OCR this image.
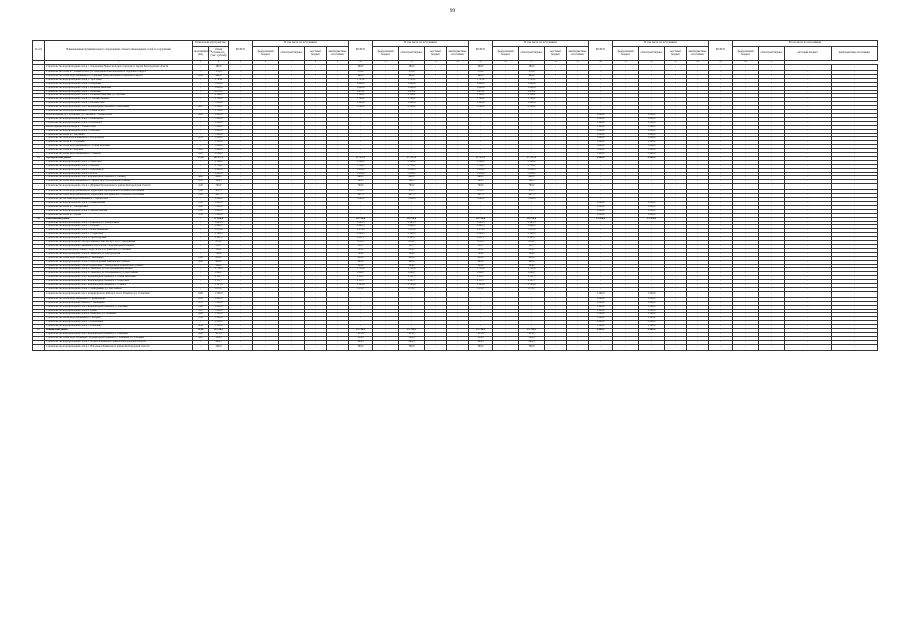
99
№ п/п	Наименование муниципального образования, объекта инженерных сетей и сооружений	Показатели обустройства		ВСЕГО	В том числе по источникам				ВСЕГО	В том числе по источникам				ВСЕГО	В том числе по источникам				ВСЕГО	В том числе по источникам				ВСЕГО	В том числе по источникам			
		протяжённость (км)	общая стоимость (тыс. рублей)		федеральный бюджет	областной бюджет	местный бюджет	внебюджетные источники		федеральный бюджет	областной бюджет	местный бюджет	внебюджетные источники		федеральный бюджет	областной бюджет	местный бюджет	внебюджетные источники		федеральный бюджет	областной бюджет	местный бюджет	внебюджетные источники		федеральный бюджет	областной бюджет	местный бюджет	внебюджетные источники
1	2	3	4	5	6	7	8	9	10	11	12	13	14	15	16	17	18	19	20	21	22	23	24	25	26	27		
-	Строительство водопроводной сети в с. Ольховатка Новооскольского городского округа Белгородской области	-	460,0	-	-	-	-	-	460,0	-	460,0	-	-	460,0	-	460,0	-	-	-	-	-	-	-	-	-	-	-	-
-	Строительство сетей в с. Новый Оскол, ул. Объездная Новооскольского городского округа	-	370,0	-	-	-	-	-	370,0	-	370,0	-	-	370,0	-	370,0	-	-	-	-	-	-	-	-	-	-	-	-
-	Строительство сетей водоснабжения в с. Слоновка Новооскольского городского округа	2,00	482,0	-	-	-	-	-	482,0	-	482,0	-	-	482,0	-	482,0	-	-	-	-	-	-	-	-	-	-	-	-
-	Строительство водопроводной сети в с. Тростенец	-	1 705,2	-	-	-	-	-	1 705,2	-	1 705,2	-	-	1 705,2	-	1 705,2	-	-	-	-	-	-	-	-	-	-	-	-
-	Строительство водопроводной сети в с. Шараевка	-	1 629,4	-	-	-	-	-	1 629,4	-	1 629,4	-	-	1 629,4	-	1 629,4	-	-	-	-	-	-	-	-	-	-	-	-
-	Строительство водопроводной сети в с. Большая Ивановка	-	1 629,4	-	-	-	-	-	1 629,4	-	1 629,4	-	-	1 629,4	-	1 629,4	-	-	-	-	-	-	-	-	-	-	-	-
-	Строительство водопроводной сети в с. Леоновка	-	2 470,2	-	-	-	-	-	2 470,2	-	2 470,2	-	-	2 470,2	-	2 470,2	-	-	-	-	-	-	-	-	-	-	-	-
-	Строительство водопроводной сети в с. Большая Ивановка, ул. Луговая	-	2 120,2	-	-	-	-	-	2 120,2	-	2 120,2	-	-	2 120,2	-	2 120,2	-	-	-	-	-	-	-	-	-	-	-	-
-	Строительство водопроводной сети в с. Солонец-Поляна	-	1 700,2	-	-	-	-	-	1 700,2	-	1 700,2	-	-	1 700,2	-	1 700,2	-	-	-	-	-	-	-	-	-	-	-	-
-	Строительство водопроводной сети в с. Беломестное	-	1 629,4	-	-	-	-	-	1 629,4	-	1 629,4	-	-	1 629,4	-	1 629,4	-	-	-	-	-	-	-	-	-	-	-	-
-	Строительство водопроводной сети с водонапорной башней в с. Киселёвка	2,15	2 500,0	-	-	-	-	-	2 500,0	-	2 500,0	-	-	2 500,0	-	2 500,0	-	-	-	-	-	-	-	-	-	-	-	-
-	Строительство сети водоснабжения в с. Новая Оскол	-	1 700,0	-	-	-	-	-	-	-	-	-	-	-	-	-	-	-	-	-	-	-	-	-	-	-	-	-
-	Водоснабжение хут. Ютановка, ул. Лесная в с. Новая Оскол	2,00	1 000,0	-	-	-	-	-	-	-	-	-	-	-	-	-	-	-	1 000,0	-	1 000,0	-	-	-	-	-	-	-
-	Строительство водопроводной сети в с. Макешкино	-	1 000,0	-	-	-	-	-	-	-	-	-	-	-	-	-	-	-	1 000,0	-	1 000,0	-	-	-	-	-	-	-
-	Строительство водопроводной сети в с. Васильдол	-	1 200,0	-	-	-	-	-	-	-	-	-	-	-	-	-	-	-	1 200,0	-	1 200,0	-	-	-	-	-	-	-
-	Реконструкция водопровода в с. Новая Оскол	-	1 200,0	-	-	-	-	-	-	-	-	-	-	-	-	-	-	-	1 200,0	-	1 200,0	-	-	-	-	-	-	-
-	Строительство водопроводной сети в с. Ниновка	-	1 000,0	-	-	-	-	-	-	-	-	-	-	-	-	-	-	-	1 000,0	-	1 000,0	-	-	-	-	-	-	-
-	Строительство сетей в с. Песчанка	-	1 000,0	-	-	-	-	-	-	-	-	-	-	-	-	-	-	-	1 000,0	-	1 000,0	-	-	-	-	-	-	-
-	Строительство сети водоснабжения в с. Богородское	2,55	1 000,0	-	-	-	-	-	-	-	-	-	-	-	-	-	-	-	1 000,0	-	1 000,0	-	-	-	-	-	-	-
-	Строительство сетей в с. Сорокино	-	1 500,0	-	-	-	-	-	-	-	-	-	-	-	-	-	-	-	1 500,0	-	1 500,0	-	-	-	-	-	-	-
-	Строительство сетей водоснабжения в с. Старая Безгинка	-	1 000,0	-	-	-	-	-	-	-	-	-	-	-	-	-	-	-	1 000,0	-	1 000,0	-	-	-	-	-	-	-
-	Строительство сетей в с. Боровая	2,05	1 200,0	-	-	-	-	-	-	-	-	-	-	-	-	-	-	-	1 200,0	-	1 200,0	-	-	-	-	-	-	-
-	Строительство сетей водоснабжения в с. Глинное	2,20	1 200,0	-	-	-	-	-	-	-	-	-	-	-	-	-	-	-	1 200,0	-	1 200,0	-	-	-	-	-	-	-
15	Прохоровский район	17,50	26 377,1	-	-	-	-	-	17 377,1	-	17 377,1	-	-	17 377,1	-	17 377,1	-	-	4 000,0	-	4 000,0	-	-	-	-	-	-	-
-	Строительство водопроводной сети в с. Береговое	-	2 500,0	-	-	-	-	-	2 500,0	-	2 500,0	-	-	2 500,0	-	2 500,0	-	-	-	-	-	-	-	-	-	-	-	-
-	Строительство водопроводной сети в с. Шахово	-	2 734,1	-	-	-	-	-	2 734,1	-	2 734,1	-	-	2 734,1	-	2 734,1	-	-	-	-	-	-	-	-	-	-	-	-
-	Строительство водопроводной сети в с. Призначное	-	2 950,0	-	-	-	-	-	2 950,0	-	2 950,0	-	-	2 950,0	-	2 950,0	-	-	-	-	-	-	-	-	-	-	-	-
-	Строительство водопроводной сети в с. Плота	-	2 950,0	-	-	-	-	-	2 950,0	-	2 950,0	-	-	2 950,0	-	2 950,0	-	-	-	-	-	-	-	-	-	-	-	-
-	Строительство водопроводной сети с водонапорной башней в с. Ржавец	4,40	690,0	-	-	-	-	-	690,0	-	690,0	-	-	690,0	-	690,0	-	-	-	-	-	-	-	-	-	-	-	-
-	Строительство сетей водоснабжения в с. Прелестное Прохоровского района	2,10	398,3	-	-	-	-	-	398,3	-	398,3	-	-	398,3	-	398,3	-	-	-	-	-	-	-	-	-	-	-	-
-	Строительство водопроводной сети в с. Журавка Прохоровского района Белгородской области	3,20	790,0	-	-	-	-	-	790,0	-	790,0	-	-	790,0	-	790,0	-	-	-	-	-	-	-	-	-	-	-	-
-	Строительство сетей водоснабжения на территории Прохоровского сельского поселения	1,80	472,5	-	-	-	-	-	472,5	-	472,5	-	-	472,5	-	472,5	-	-	-	-	-	-	-	-	-	-	-	-
-	Строительство сетей водоснабжения на территории Холоднянского сельского поселения	1,90	447,5	-	-	-	-	-	447,5	-	447,5	-	-	447,5	-	447,5	-	-	-	-	-	-	-	-	-	-	-	-
-	Строительство системы водоснабжения в с. Прелестное	-	1 000,0	-	-	-	-	-	1 000,0	-	1 000,0	-	-	1 000,0	-	1 000,0	-	-	-	-	-	-	-	-	-	-	-	-
-	Строительство водопроводной сети в с. Кривошеевка	1,85	1 000,0	-	-	-	-	-	-	-	-	-	-	-	-	-	-	-	1 000,0	-	1 000,0	-	-	-	-	-	-	-
-	Строительство сетей в с. Гнездиловка	0,80	1 000,0	-	-	-	-	-	-	-	-	-	-	-	-	-	-	-	1 000,0	-	1 000,0	-	-	-	-	-	-	-
-	Строительство водопроводной сети в с. Малые Маячки	1,00	1 000,0	-	-	-	-	-	-	-	-	-	-	-	-	-	-	-	1 000,0	-	1 000,0	-	-	-	-	-	-	-
-	Строительство сетей в с. Лучки	1,50	1 000,0	-	-	-	-	-	-	-	-	-	-	-	-	-	-	-	1 000,0	-	1 000,0	-	-	-	-	-	-	-
16	Ракитянский район	-	37 856,6	-	-	-	-	-	28 726,6	-	28 726,6	-	-	28 726,6	-	28 726,6	-	-	13 100,0	-	13 100,0	-	-	-	-	-	-	-
-	Строительство водопроводной сети в с. Ракитное ул. Центральная	-	1 685,3	-	-	-	-	-	1 685,3	-	1 685,3	-	-	1 685,3	-	1 685,3	-	-	-	-	-	-	-	-	-	-	-	-
-	Строительство водопроводной сети в с. Бобрава	-	2 690,3	-	-	-	-	-	2 690,3	-	2 690,3	-	-	2 690,3	-	2 690,3	-	-	-	-	-	-	-	-	-	-	-	-
-	Строительство водопроводной сети в с. Илёк-Пеньковка	-	1 478,6	-	-	-	-	-	1 478,6	-	1 478,6	-	-	1 478,6	-	1 478,6	-	-	-	-	-	-	-	-	-	-	-	-
-	Строительство водопроводной сети в с. Солдатское	-	2 108,3	-	-	-	-	-	2 108,3	-	2 108,3	-	-	2 108,3	-	2 108,3	-	-	-	-	-	-	-	-	-	-	-	-
-	Строительство водопроводной сети в п. Пролетарский	-	2 287,1	-	-	-	-	-	2 287,1	-	2 287,1	-	-	2 287,1	-	2 287,1	-	-	-	-	-	-	-	-	-	-	-	-
-	Строительство водопроводной сети протяжённостью 400 куб. м в с. Дмитриевка	-	670,0	-	-	-	-	-	670,0	-	670,0	-	-	670,0	-	670,0	-	-	-	-	-	-	-	-	-	-	-	-
-	Строительство водопроводной скважины 25 куб. м/час с водонапорной башней	-	551,7	-	-	-	-	-	551,7	-	551,7	-	-	551,7	-	551,7	-	-	-	-	-	-	-	-	-	-	-	-
-	Строительство водонапорной башни 15 куб. м/час в п. Ракитное, ул. Зелёная	-	555,1	-	-	-	-	-	555,1	-	555,1	-	-	555,1	-	555,1	-	-	-	-	-	-	-	-	-	-	-	-
-	Строительство водопроводной сети в п. Ракитное ул. Белгородская	-	796,0	-	-	-	-	-	796,0	-	796,0	-	-	796,0	-	796,0	-	-	-	-	-	-	-	-	-	-	-	-
-	Строительство сетей водоснабжения в с. Зинаидино	1,90	650,0	-	-	-	-	-	650,0	-	650,0	-	-	650,0	-	650,0	-	-	-	-	-	-	-	-	-	-	-	-
-	Строительство водопроводной сети в с. Пролетарский Ракитянского района	5,00	498,0	-	-	-	-	-	498,0	-	498,0	-	-	498,0	-	498,0	-	-	-	-	-	-	-	-	-	-	-	-
-	Строительство водопроводной сети на территории с. Центральное Ракитянского района	-	504,0	-	-	-	-	-	504,0	-	504,0	-	-	504,0	-	504,0	-	-	-	-	-	-	-	-	-	-	-	-
-	Строительство водопроводной сети в п. Ракитное, хутора «Малиновая Жатва»	-	1 750,0	-	-	-	-	-	1 750,0	-	1 750,0	-	-	1 750,0	-	1 750,0	-	-	-	-	-	-	-	-	-	-	-	-
-	Строительство водопроводной сети в п. Ракитное ул. Набережная и ул. Шоссейная	-	1 800,7	-	-	-	-	-	1 800,7	-	1 800,7	-	-	1 800,7	-	1 800,7	-	-	-	-	-	-	-	-	-	-	-	-
-	Строительство водопроводной сети с водонапорной башней в с. Новая Березовка	-	2 111,7	-	-	-	-	-	2 111,7	-	2 111,7	-	-	2 111,7	-	2 111,7	-	-	-	-	-	-	-	-	-	-	-	-
-	Строительство водопроводной сети с водонапорной башней в с. Борисовка	-	2 111,7	-	-	-	-	-	2 111,7	-	2 111,7	-	-	2 111,7	-	2 111,7	-	-	-	-	-	-	-	-	-	-	-	-
-	Строительство водопроводной сети с водонапорной башней в с. Сажное	-	2 585,6	-	-	-	-	-	2 585,6	-	2 585,6	-	-	2 585,6	-	2 585,6	-	-	-	-	-	-	-	-	-	-	-	-
-	Строительство водопроводной сети в с. Дмитриевка, ул. Шоссейная	-	1 070,7	-	-	-	-	-	1 070,7	-	1 070,7	-	-	1 070,7	-	1 070,7	-	-	-	-	-	-	-	-	-	-	-	-
-	Строительство водопроводной сети с резервуаром на 4000 куб. м в п. Ракитное ул. Солнечная	0,60	1 500,0	-	-	-	-	-	-	-	-	-	-	-	-	-	-	-	1 500,0	-	1 500,0	-	-	-	-	-	-	-
-	Строительство сетей водоснабжения в с. Кривошеево	2,45	1 000,0	-	-	-	-	-	-	-	-	-	-	-	-	-	-	-	1 000,0	-	1 000,0	-	-	-	-	-	-	-
-	Строительство водопроводной башни в с. Зинаидино	0,70	1 000,0	-	-	-	-	-	-	-	-	-	-	-	-	-	-	-	1 000,0	-	1 000,0	-	-	-	-	-	-	-
-	Строительство водопроводной сети с водонапорной башней в с. Лаптевка	1,60	1 200,0	-	-	-	-	-	-	-	-	-	-	-	-	-	-	-	1 200,0	-	1 200,0	-	-	-	-	-	-	-
-	Строительство водопроводной сети в с. Пены	1,25	1 000,0	-	-	-	-	-	-	-	-	-	-	-	-	-	-	-	1 000,0	-	1 000,0	-	-	-	-	-	-	-
-	Строительство водопроводной сети в п. Ракитное, ул. Пушкина	0,90	1 500,0	-	-	-	-	-	-	-	-	-	-	-	-	-	-	-	1 500,0	-	1 500,0	-	-	-	-	-	-	-
-	Строительство сетей водоснабжения в с. Бобрава	1,30	1 200,0	-	-	-	-	-	-	-	-	-	-	-	-	-	-	-	1 200,0	-	1 200,0	-	-	-	-	-	-	-
-	Строительство водопроводной сети в с. Васильевка	-	2 000,0	-	-	-	-	-	-	-	-	-	-	-	-	-	-	-	2 000,0	-	2 000,0	-	-	-	-	-	-	-
-	Строительство водопроводной сети в с. Плюсково	4,50	1 500,0	-	-	-	-	-	-	-	-	-	-	-	-	-	-	-	1 500,0	-	1 500,0	-	-	-	-	-	-	-
17	Ровеньский район	19,80	20 130,3	-	-	-	-	-	15 730,3	-	15 730,3	-	-	15 730,3	-	15 730,3	-	-	4 400,0	-	4 400,0	-	-	-	-	-	-	-
-	Строительство водопроводной сети с водонапорной башней в с. Ровеньки	0,20	455,0	-	-	-	-	-	455,0	-	455,0	-	-	455,0	-	455,0	-	-	-	-	-	-	-	-	-	-	-	-
-	Строительство сетей водоснабжения с водонапорной башней в с. Ровеньки, ул. Гагарина	0,10	316,0	-	-	-	-	-	316,0	-	316,0	-	-	316,0	-	316,0	-	-	-	-	-	-	-	-	-	-	-	-
-	Строительство водопроводной сети в с. Лозное Ровеньского района Белгородской области	-	494,3	-	-	-	-	-	494,3	-	494,3	-	-	494,3	-	494,3	-	-	-	-	-	-	-	-	-	-	-	-
-	Строительство водопроводной сети в с. Нагольное Ровеньского района Белгородской области	-	560,0	-	-	-	-	-	560,0	-	560,0	-	-	560,0	-	560,0	-	-	-	-	-	-	-	-	-	-	-	-
